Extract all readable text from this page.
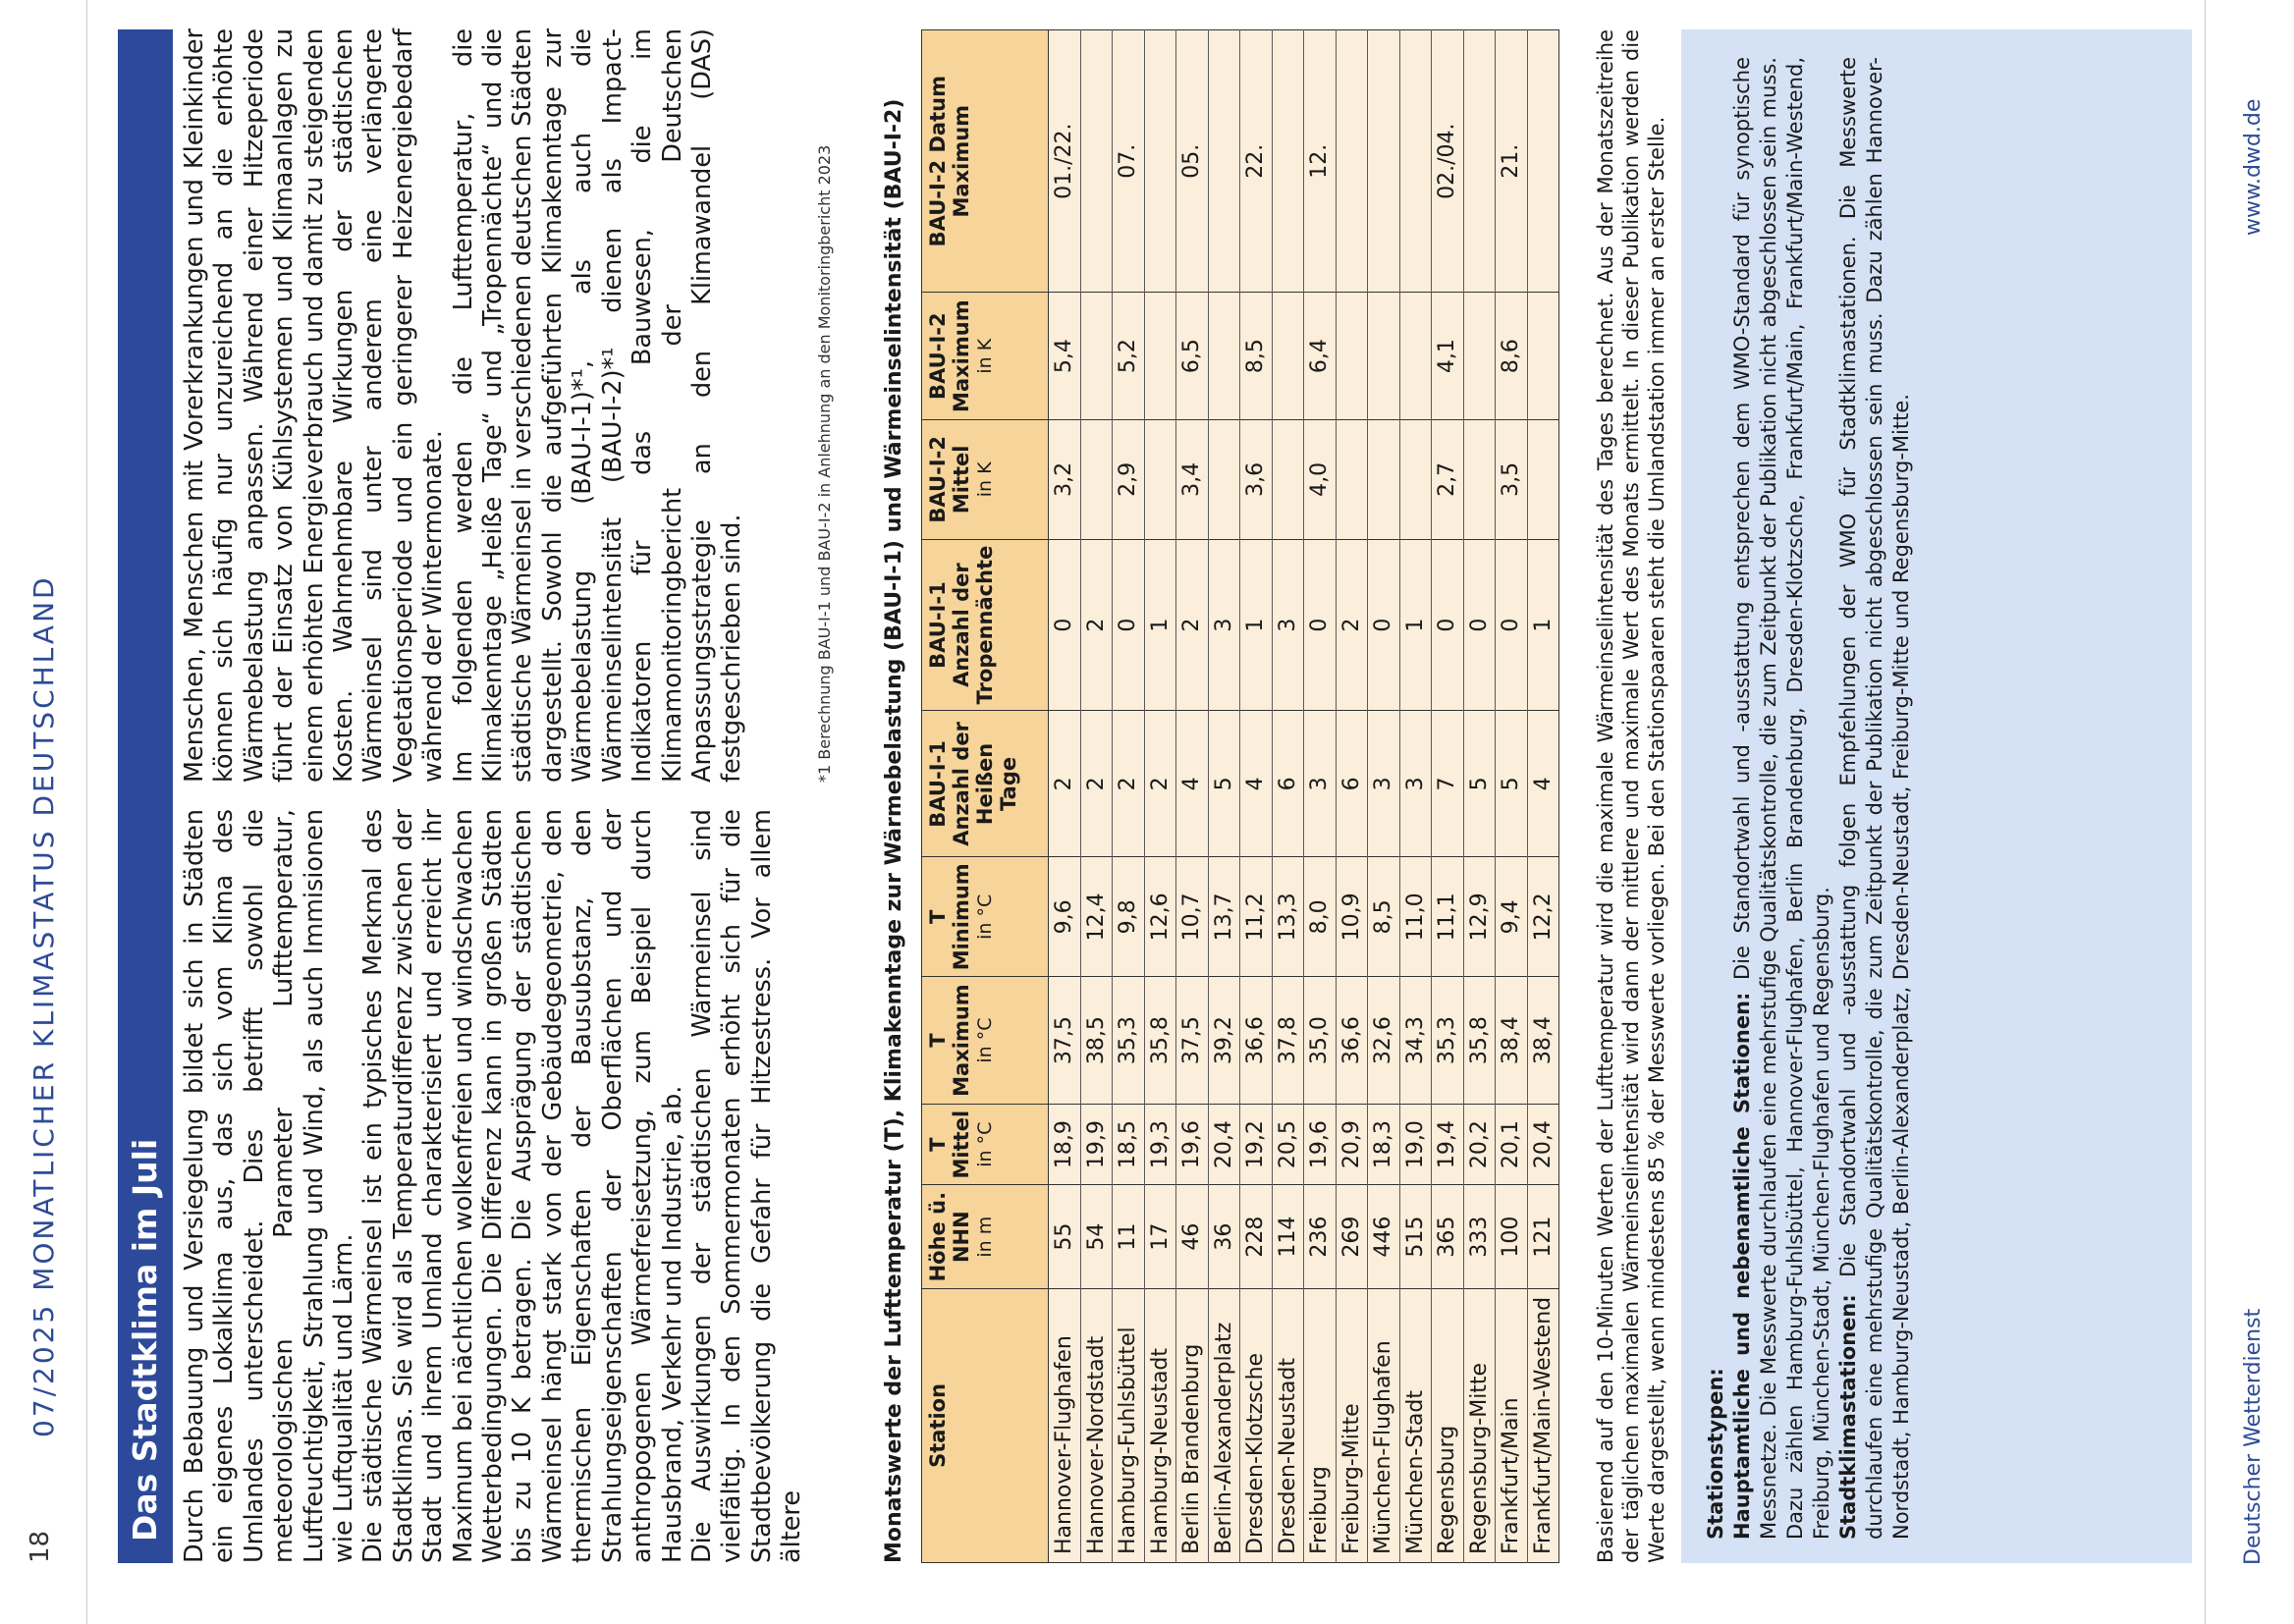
18
07/2025 MONATLICHER KLIMASTATUS DEUTSCHLAND Das Stadtklima im Juli Durch Bebauung und Versiegelung bildet sich in Städten ein eigenes Lokalklima aus, das sich vom Klima des Umlandes unterscheidet. Dies betrifft sowohl die meteorologischen Parameter Lufttemperatur, Luftfeuchtigkeit, Strahlung und Wind, als auch Immisionen wie Luftqualität und Lärm. Die städtische Wärmeinsel ist ein typisches Merkmal des Stadtklimas. Sie wird als Temperaturdifferenz zwischen der Stadt und ihrem Umland charakterisiert und erreicht ihr Maximum bei nächtlichen wolkenfreien und windschwachen Wetterbedingungen. Die Differenz kann in großen Städten bis zu 10 K betragen. Die Ausprägung der städtischen Wärmeinsel hängt stark von der Gebäudegeometrie, den thermischen Eigenschaften der Bausubstanz, den Strahlungseigenschaften der Oberflächen und der anthropogenen Wärmefreisetzung, zum Beispiel durch Hausbrand, Verkehr und Industrie, ab. Die Auswirkungen der städtischen Wärmeinsel sind vielfältig. In den Sommermonaten erhöht sich für die Stadtbevölkerung die Gefahr für Hitzestress. Vor allem ältere

Menschen, Menschen mit Vorerkrankungen und Kleinkinder können sich häufig nur unzureichend an die erhöhte Wärmebelastung anpassen. Während einer Hitzeperiode führt der Einsatz von Kühlsystemen und Klimaanlagen zu einem erhöhten Energieverbrauch und damit zu steigenden Kosten. Wahrnehmbare Wirkungen der städtischen Wärmeinsel sind unter anderem eine verlängerte Vegetationsperiode und ein geringerer Heizenergiebedarf während der Wintermonate. Im folgenden werden die Lufttemperatur, die Klimakenntage „Heiße Tage“ und „Tropennächte“ und die städtische Wärmeinsel in verschiedenen deutschen Städten dargestellt. Sowohl die aufgeführten Klimakenntage zur Wärmebelastung (BAU-I-1)*¹, als auch die Wärmeinselintensität (BAU-I-2)*¹ dienen als Impact-Indikatoren für das Bauwesen, die im Klimamonitoringbericht der Deutschen Anpassungsstrategie an den Klimawandel (DAS) festgeschrieben sind.	*1 Berechnung BAU-I-1 und BAU-I-2 in Anlehnung an den Monitoringbericht 2023 Monatswerte der Lufttemperatur (T), Klimakenntage zur Wärmebelastung (BAU-I-1) und Wärmeinselintensität (BAU-I-2) Station	Höhe ü. NHN in m	T Mittel in °C	T Maximum in °C	T Minimum in °C	BAU-I-1 Anzahl der Heißen Tage	BAU-I-1 Anzahl der Tropennächte	BAU-I-2 Mittel in K	BAU-I-2 Maximum in K	BAU-I-2 Datum Maximum
Hannover-Flughafen	55	18,9	37,5	9,6	2	0	3,2	5,4	01./22.
Hannover-Nordstadt	54	19,9	38,5	12,4	2	2			
Hamburg-Fuhlsbüttel	11	18,5	35,3	9,8	2	0	2,9	5,2	07.
Hamburg-Neustadt	17	19,3	35,8	12,6	2	1			
Berlin Brandenburg	46	19,6	37,5	10,7	4	2	3,4	6,5	05.
Berlin-Alexanderplatz	36	20,4	39,2	13,7	5	3			
Dresden-Klotzsche	228	19,2	36,6	11,2	4	1	3,6	8,5	22.
Dresden-Neustadt	114	20,5	37,8	13,3	6	3			
Freiburg	236	19,6	35,0	8,0	3	0	4,0	6,4	12.
Freiburg-Mitte	269	20,9	36,6	10,9	6	2			
München-Flughafen	446	18,3	32,6	8,5	3	0			
München-Stadt	515	19,0	34,3	11,0	3	1			
Regensburg	365	19,4	35,3	11,1	7	0	2,7	4,1	02./04.
Regensburg-Mitte	333	20,2	35,8	12,9	5	0			
Frankfurt/Main	100	20,1	38,4	9,4	5	0	3,5	8,6	21.
Frankfurt/Main-Westend	121	20,4	38,4	12,2	4	1			Basierend auf den 10-Minuten Werten der Lufttemperatur wird die maximale Wärmeinselintensität des Tages berechnet. Aus der Monatszeitreihe der täglichen maximalen Wärmeinselintensität wird dann der mittlere und maximale Wert des Monats ermittelt. In dieser Publikation werden die Werte dargestellt, wenn mindestens 85 % der Messwerte vorliegen. Bei den Stationspaaren steht die Umlandstation immer an erster Stelle. Stationstypen: Hauptamtliche und nebenamtliche Stationen: Die Standortwahl und -ausstattung entsprechen dem WMO-Standard für synoptische Messnetze. Die Messwerte durchlaufen eine mehrstufige Qualitätskontrolle, die zum Zeitpunkt der Publikation nicht abgeschlossen sein muss. Dazu zählen Hamburg-Fuhlsbüttel, Hannover-Flughafen, Berlin Brandenburg, Dresden-Klotzsche, Frankfurt/Main, Frankfurt/Main-Westend, Freiburg, München-Stadt, München-Flughafen und Regensburg. Stadtklimastationen: Die Standortwahl und -ausstattung folgen Empfehlungen der WMO für Stadtklimastationen. Die Messwerte durchlaufen eine mehrstufige Qualitätskontrolle, die zum Zeitpunkt der Publikation nicht abgeschlossen sein muss. Dazu zählen Hannover-Nordstadt, Hamburg-Neustadt, Berlin-Alexanderplatz, Dresden-Neustadt, Freiburg-Mitte und Regensburg-Mitte.	Deutscher Wetterdienst
www.dwd.de
